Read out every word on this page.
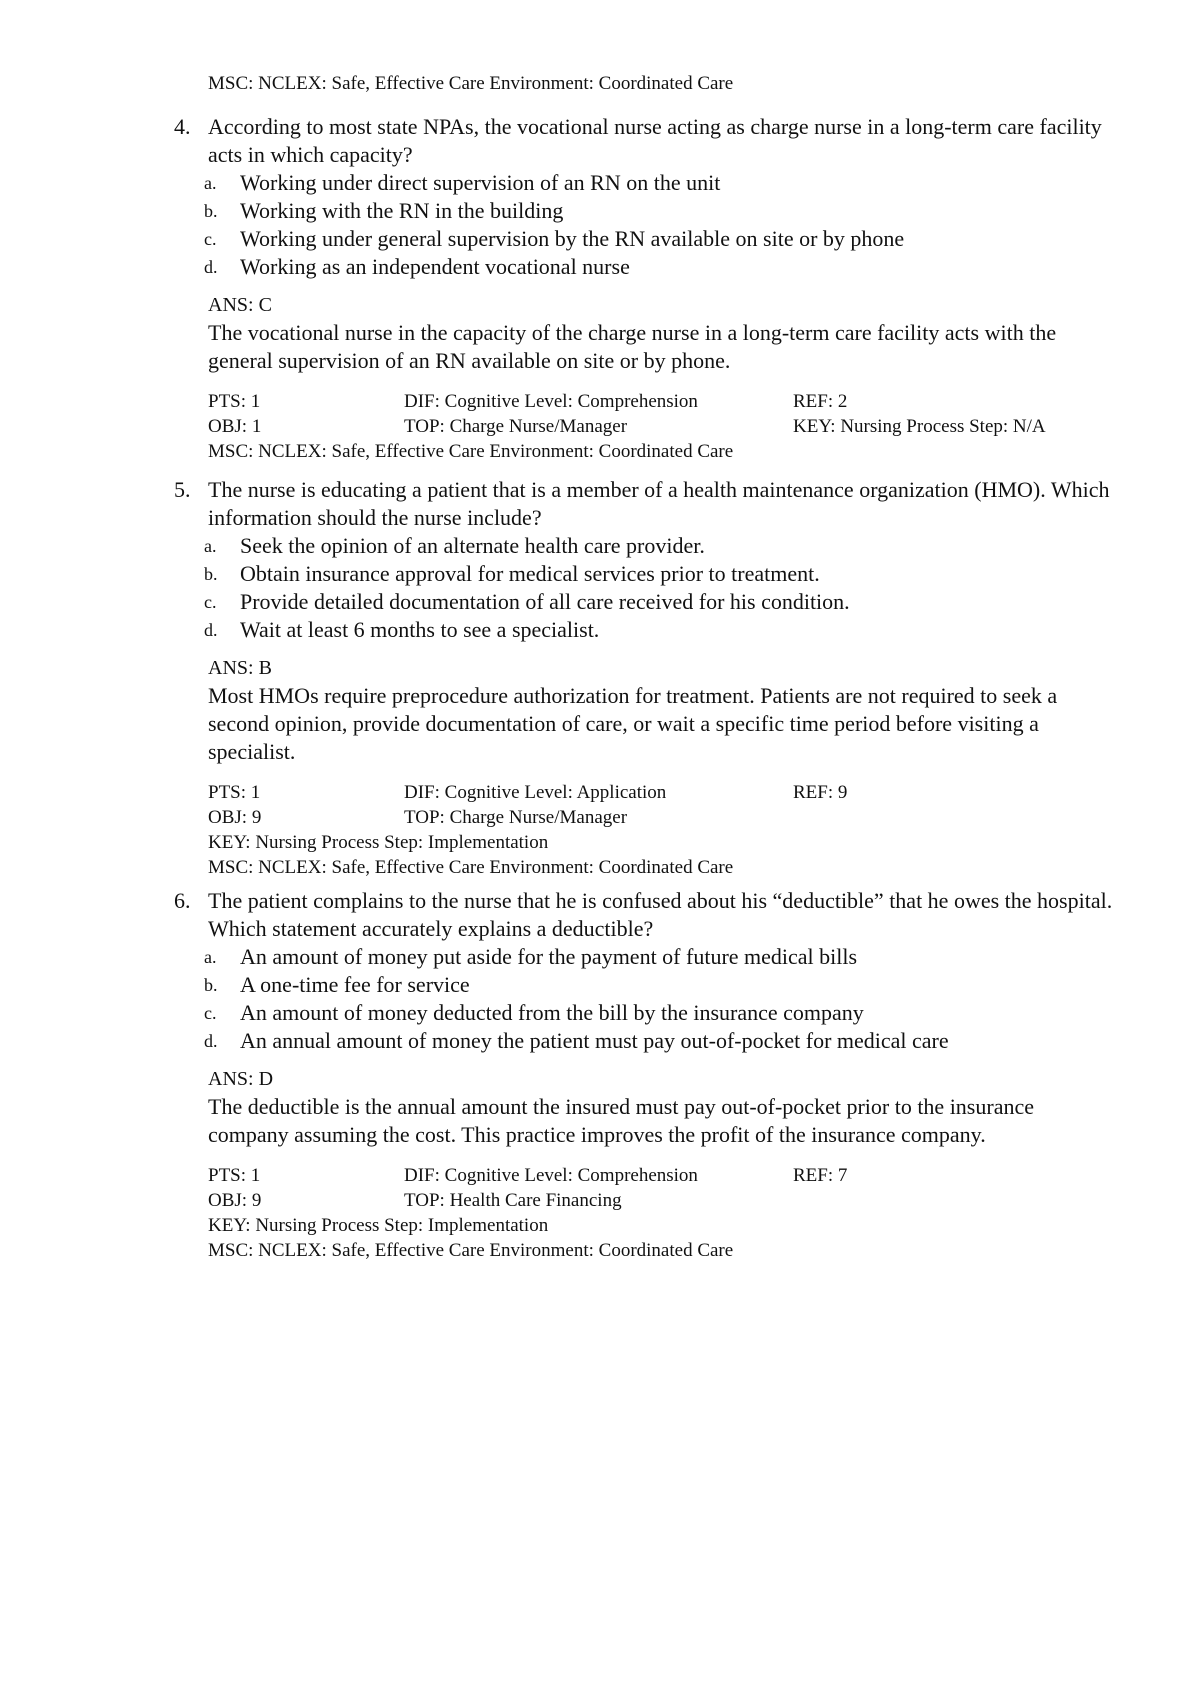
MSC: NCLEX: Safe, Effective Care Environment: Coordinated Care
4. According to most state NPAs, the vocational nurse acting as charge nurse in a long-term care facility acts in which capacity?
a. Working under direct supervision of an RN on the unit
b. Working with the RN in the building
c. Working under general supervision by the RN available on site or by phone
d. Working as an independent vocational nurse
ANS: C
The vocational nurse in the capacity of the charge nurse in a long-term care facility acts with the general supervision of an RN available on site or by phone.
PTS: 1	DIF: Cognitive Level: Comprehension	REF: 2
OBJ: 1	TOP: Charge Nurse/Manager	KEY: Nursing Process Step: N/A
MSC: NCLEX: Safe, Effective Care Environment: Coordinated Care
5. The nurse is educating a patient that is a member of a health maintenance organization (HMO). Which information should the nurse include?
a. Seek the opinion of an alternate health care provider.
b. Obtain insurance approval for medical services prior to treatment.
c. Provide detailed documentation of all care received for his condition.
d. Wait at least 6 months to see a specialist.
ANS: B
Most HMOs require preprocedure authorization for treatment. Patients are not required to seek a second opinion, provide documentation of care, or wait a specific time period before visiting a specialist.
PTS: 1	DIF: Cognitive Level: Application	REF: 9
OBJ: 9	TOP: Charge Nurse/Manager
KEY: Nursing Process Step: Implementation
MSC: NCLEX: Safe, Effective Care Environment: Coordinated Care
6. The patient complains to the nurse that he is confused about his “deductible” that he owes the hospital. Which statement accurately explains a deductible?
a. An amount of money put aside for the payment of future medical bills
b. A one-time fee for service
c. An amount of money deducted from the bill by the insurance company
d. An annual amount of money the patient must pay out-of-pocket for medical care
ANS: D
The deductible is the annual amount the insured must pay out-of-pocket prior to the insurance company assuming the cost. This practice improves the profit of the insurance company.
PTS: 1	DIF: Cognitive Level: Comprehension	REF: 7
OBJ: 9	TOP: Health Care Financing
KEY: Nursing Process Step: Implementation
MSC: NCLEX: Safe, Effective Care Environment: Coordinated Care
